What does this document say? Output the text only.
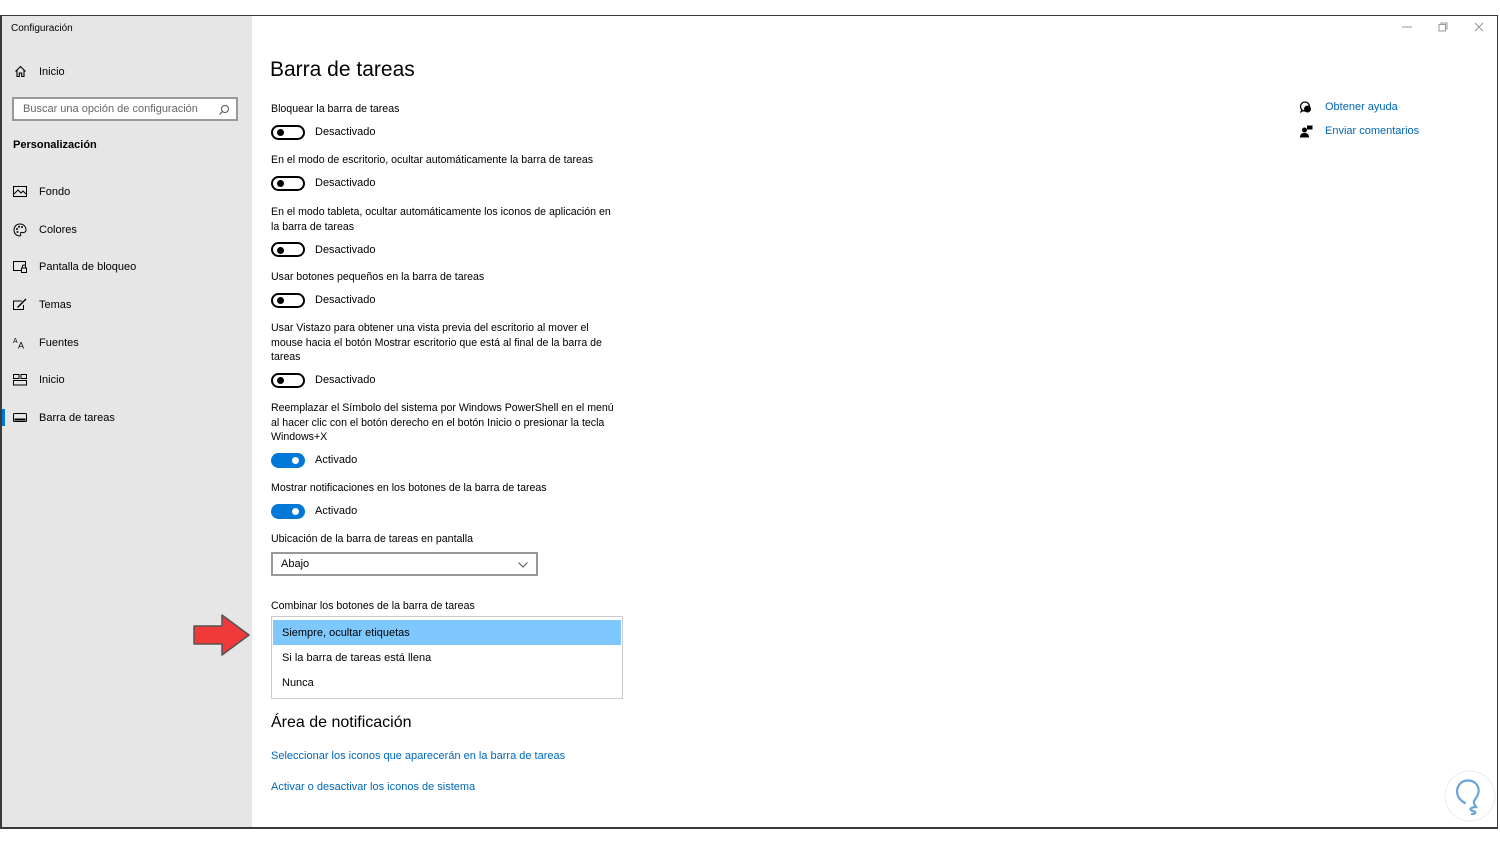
Configuración
Inicio
Buscar una opción de configuración
Personalización
Fondo
Colores
Pantalla de bloqueo
Temas
A A Fuentes
Inicio
Barra de tareas
Barra de tareas
Bloquear la barra de tareas
Desactivado
En el modo de escritorio, ocultar automáticamente la barra de tareas
Desactivado
En el modo tableta, ocultar automáticamente los iconos de aplicación en la barra de tareas
Desactivado
Usar botones pequeños en la barra de tareas
Desactivado
Usar Vistazo para obtener una vista previa del escritorio al mover el mouse hacia el botón Mostrar escritorio que está al final de la barra de tareas
Desactivado
Reemplazar el Símbolo del sistema por Windows PowerShell en el menú al hacer clic con el botón derecho en el botón Inicio o presionar la tecla Windows+X
Activado
Mostrar notificaciones en los botones de la barra de tareas
Activado
Ubicación de la barra de tareas en pantalla
Abajo
Combinar los botones de la barra de tareas
Siempre, ocultar etiquetas
Si la barra de tareas está llena
Nunca
Área de notificación
Seleccionar los iconos que aparecerán en la barra de tareas
Activar o desactivar los iconos de sistema
Obtener ayuda
Enviar comentarios
